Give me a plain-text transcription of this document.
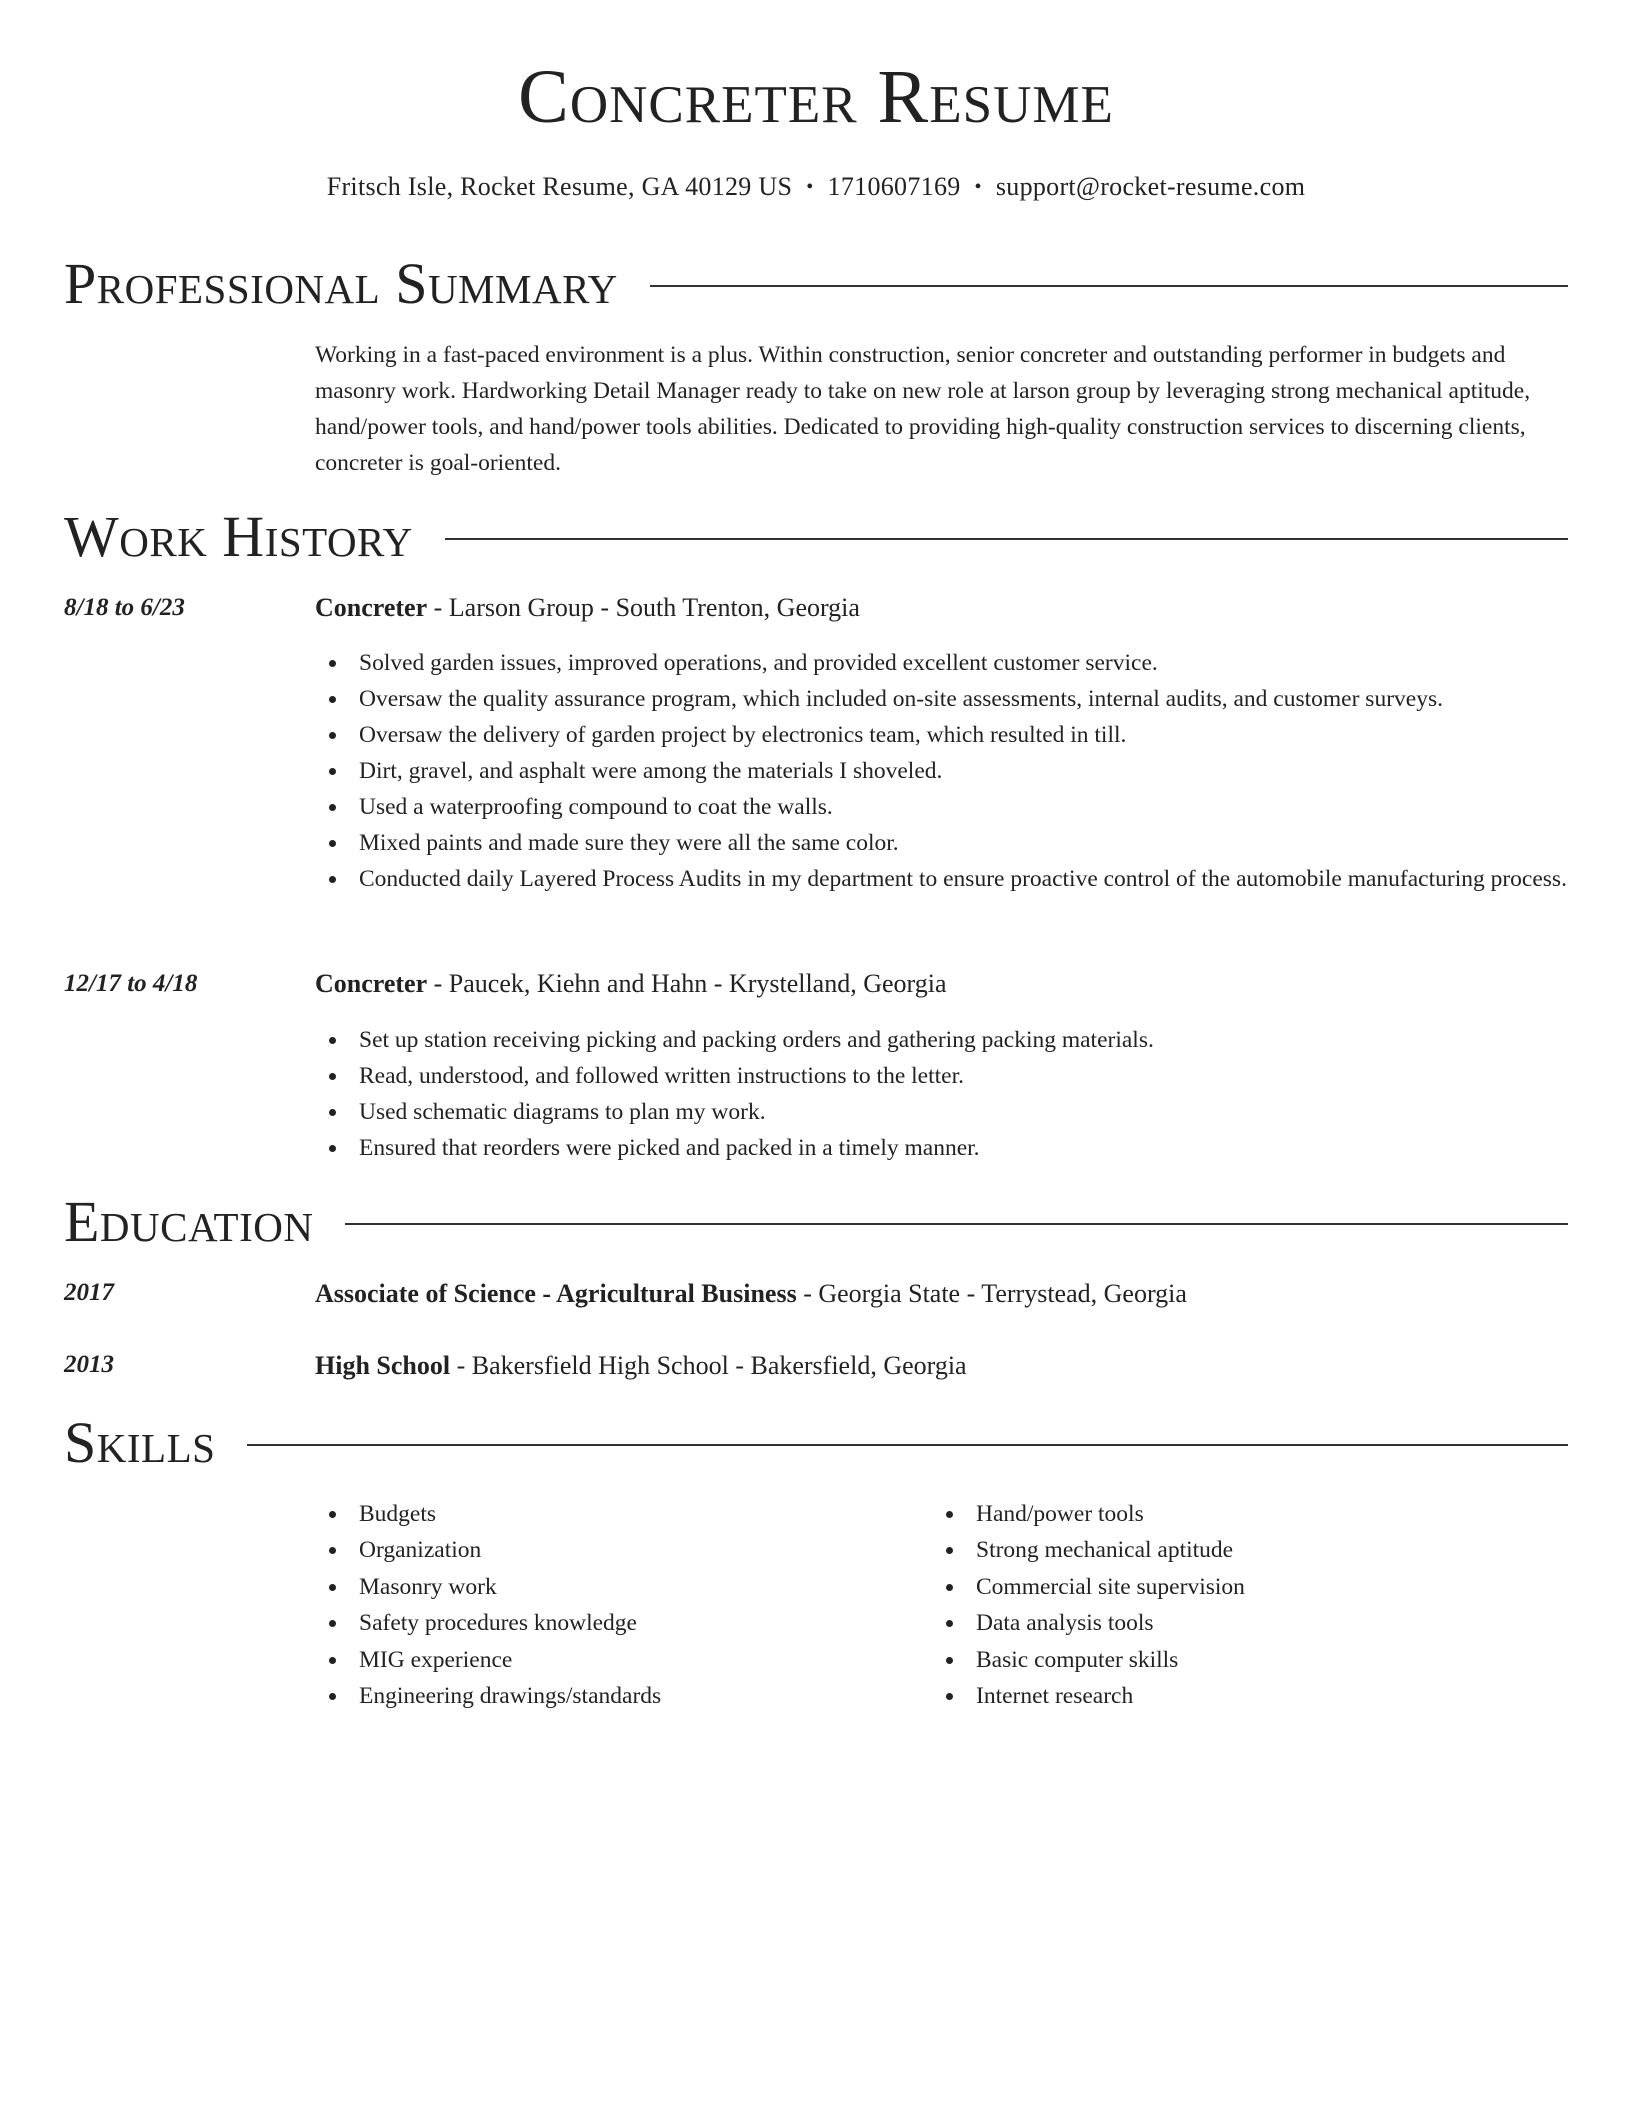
Concreter Resume
Fritsch Isle, Rocket Resume, GA 40129 US • 1710607169 • support@rocket-resume.com
Professional Summary
Working in a fast-paced environment is a plus. Within construction, senior concreter and outstanding performer in budgets and masonry work. Hardworking Detail Manager ready to take on new role at larson group by leveraging strong mechanical aptitude, hand/power tools, and hand/power tools abilities. Dedicated to providing high-quality construction services to discerning clients, concreter is goal-oriented.
Work History
8/18 to 6/23	Concreter - Larson Group - South Trenton, Georgia
Solved garden issues, improved operations, and provided excellent customer service.
Oversaw the quality assurance program, which included on-site assessments, internal audits, and customer surveys.
Oversaw the delivery of garden project by electronics team, which resulted in till.
Dirt, gravel, and asphalt were among the materials I shoveled.
Used a waterproofing compound to coat the walls.
Mixed paints and made sure they were all the same color.
Conducted daily Layered Process Audits in my department to ensure proactive control of the automobile manufacturing process.
12/17 to 4/18	Concreter - Paucek, Kiehn and Hahn - Krystelland, Georgia
Set up station receiving picking and packing orders and gathering packing materials.
Read, understood, and followed written instructions to the letter.
Used schematic diagrams to plan my work.
Ensured that reorders were picked and packed in a timely manner.
Education
2017	Associate of Science - Agricultural Business - Georgia State - Terrystead, Georgia
2013	High School - Bakersfield High School - Bakersfield, Georgia
Skills
Budgets
Organization
Masonry work
Safety procedures knowledge
MIG experience
Engineering drawings/standards
Hand/power tools
Strong mechanical aptitude
Commercial site supervision
Data analysis tools
Basic computer skills
Internet research
